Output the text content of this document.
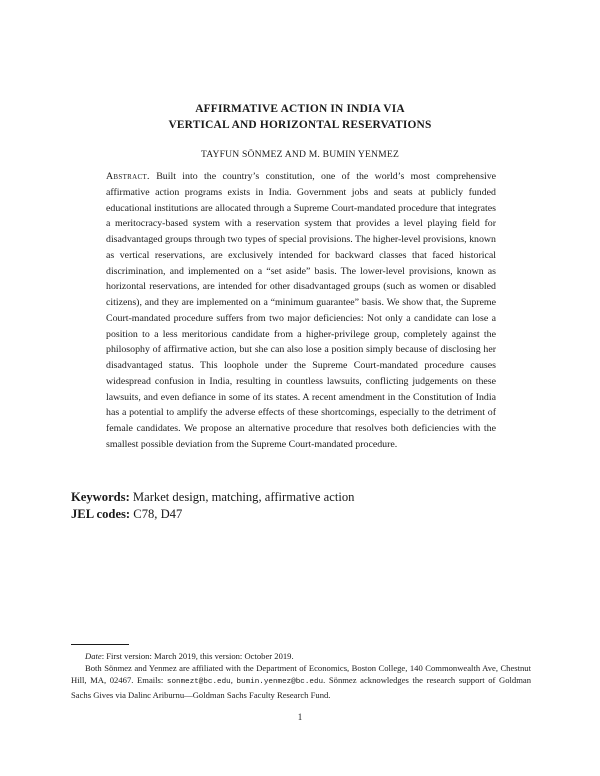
AFFIRMATIVE ACTION IN INDIA VIA
VERTICAL AND HORIZONTAL RESERVATIONS
TAYFUN SÖNMEZ AND M. BUMIN YENMEZ
Abstract. Built into the country’s constitution, one of the world’s most comprehensive affirmative action programs exists in India. Government jobs and seats at publicly funded educational institutions are allocated through a Supreme Court-mandated procedure that integrates a meritocracy-based system with a reservation system that provides a level playing field for disadvantaged groups through two types of special provisions. The higher-level provisions, known as vertical reservations, are exclusively intended for backward classes that faced historical discrimination, and implemented on a “set aside” basis. The lower-level provisions, known as horizontal reservations, are intended for other disadvantaged groups (such as women or disabled citizens), and they are implemented on a “minimum guarantee” basis. We show that, the Supreme Court-mandated procedure suffers from two major deficiencies: Not only a candidate can lose a position to a less meritorious candidate from a higher-privilege group, completely against the philosophy of affirmative action, but she can also lose a position simply because of disclosing her disadvantaged status. This loophole under the Supreme Court-mandated procedure causes widespread confusion in India, resulting in countless lawsuits, conflicting judgements on these lawsuits, and even defiance in some of its states. A recent amendment in the Constitution of India has a potential to amplify the adverse effects of these shortcomings, especially to the detriment of female candidates. We propose an alternative procedure that resolves both deficiencies with the smallest possible deviation from the Supreme Court-mandated procedure.
Keywords: Market design, matching, affirmative action
JEL codes: C78, D47

Date: First version: March 2019, this version: October 2019.

Both Sönmez and Yenmez are affiliated with the Department of Economics, Boston College, 140 Commonwealth Ave, Chestnut Hill, MA, 02467. Emails: sonmezt@bc.edu, bumin.yenmez@bc.edu. Sönmez acknowledges the research support of Goldman Sachs Gives via Dalinc Ariburnu—Goldman Sachs Faculty Research Fund.

1
